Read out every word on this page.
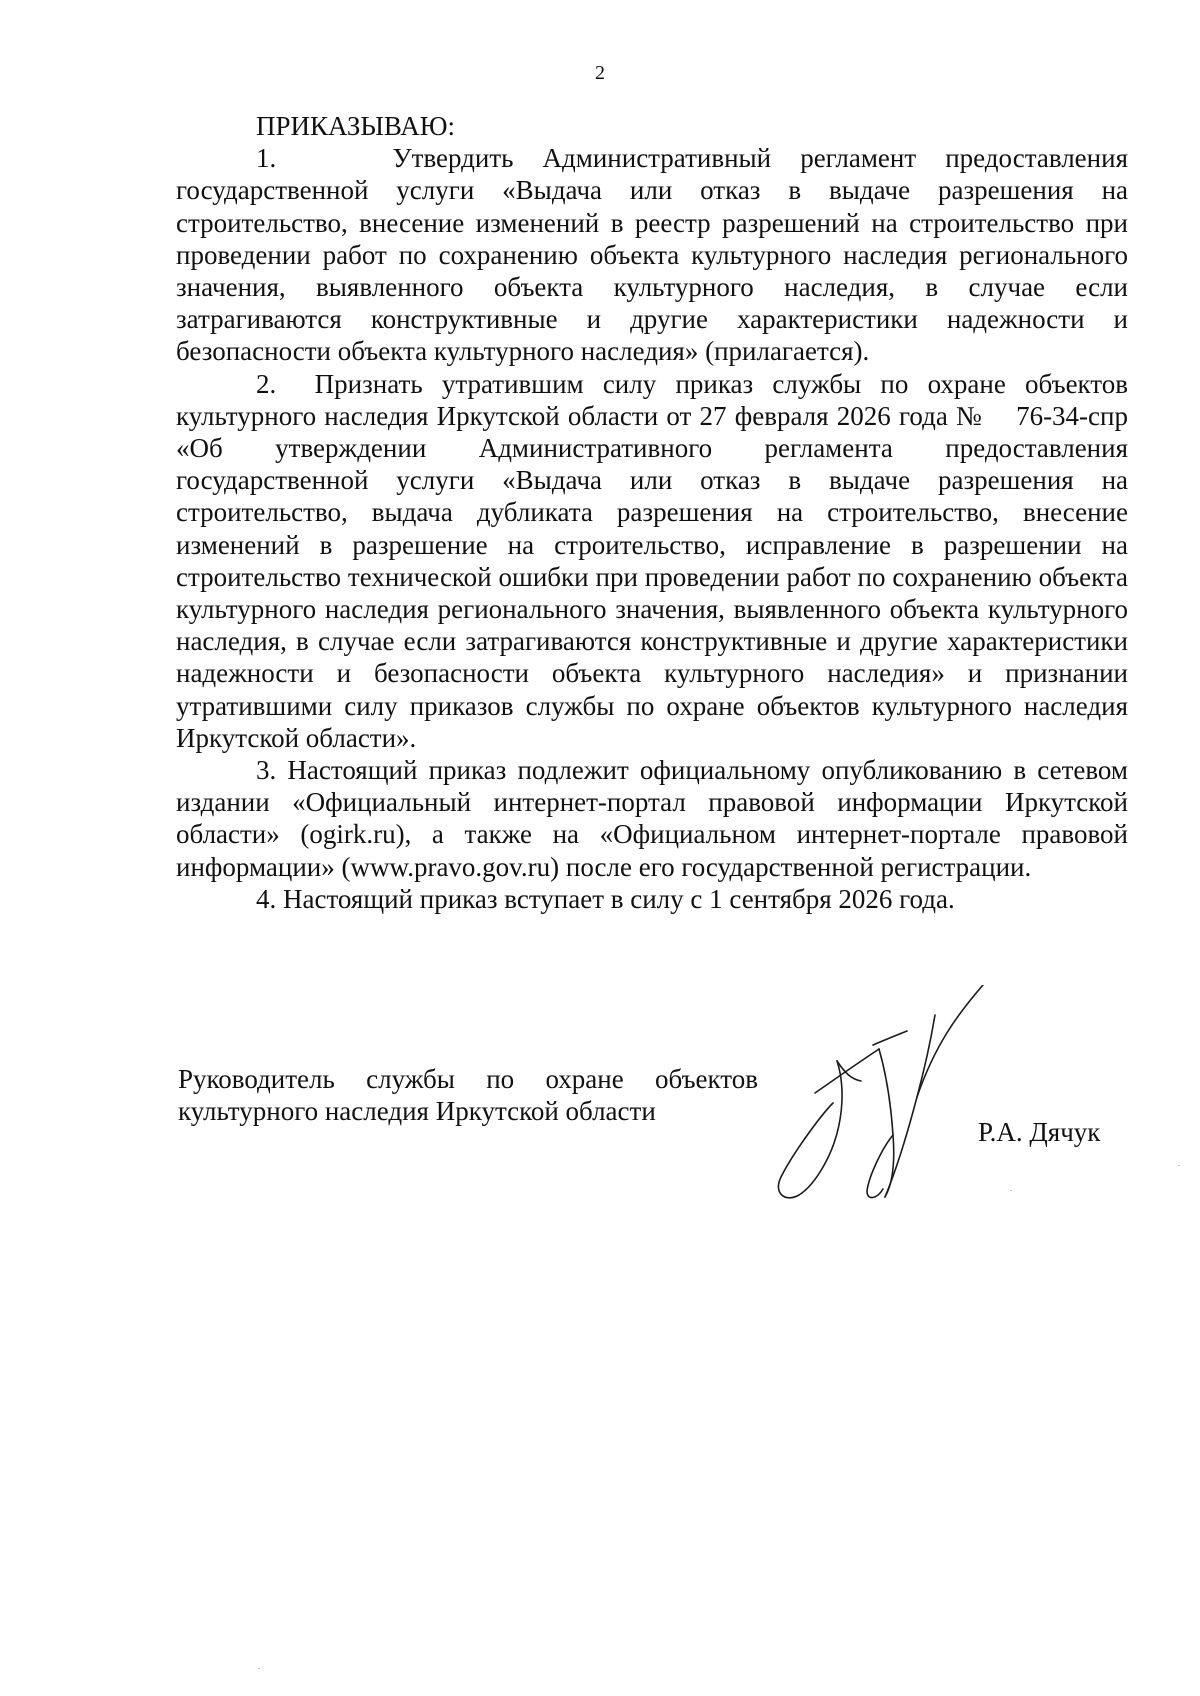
2

ПРИКАЗЫВАЮ:

1.    Утвердить Административный регламент предоставления государственной услуги «Выдача или отказ в выдаче разрешения на строительство, внесение изменений в реестр разрешений на строительство при проведении работ по сохранению объекта культурного наследия регионального значения, выявленного объекта культурного наследия, в случае если затрагиваются конструктивные и другие характеристики надежности и безопасности объекта культурного наследия» (прилагается).

2.  Признать утратившим силу приказ службы по охране объектов культурного наследия Иркутской области от 27 февраля 2026 года №    76-34-спр «Об утверждении Административного регламента предоставления государственной услуги «Выдача или отказ в выдаче разрешения на строительство, выдача дубликата разрешения на строительство, внесение изменений в разрешение на строительство, исправление в разрешении на строительство технической ошибки при проведении работ по сохранению объекта культурного наследия регионального значения, выявленного объекта культурного наследия, в случае если затрагиваются конструктивные и другие характеристики надежности и безопасности объекта культурного наследия» и признании утратившими силу приказов службы по охране объектов культурного наследия Иркутской области».

3. Настоящий приказ подлежит официальному опубликованию в сетевом издании «Официальный интернет-портал правовой информации Иркутской области» (ogirk.ru), а также на «Официальном интернет-портале правовой информации» (www.pravo.gov.ru) после его государственной регистрации.

4. Настоящий приказ вступает в силу с 1 сентября 2026 года.

Руководитель службы по охране объектов
культурного наследия Иркутской области
Р.А. Дячук
